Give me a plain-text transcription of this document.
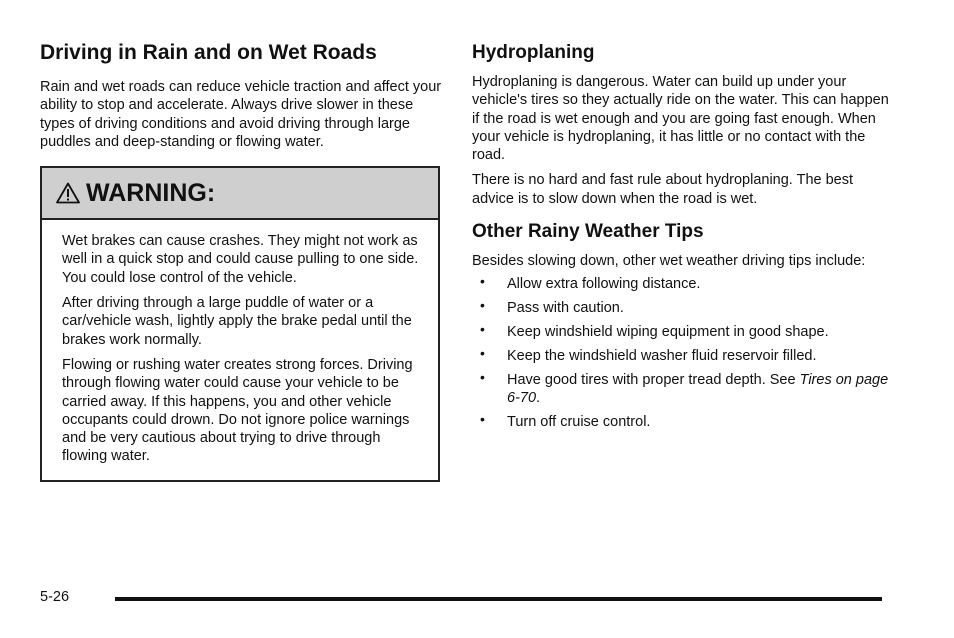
Driving in Rain and on Wet Roads

Rain and wet roads can reduce vehicle traction and affect your ability to stop and accelerate. Always drive slower in these types of driving conditions and avoid driving through large puddles and deep-standing or flowing water.

WARNING:

Wet brakes can cause crashes. They might not work as well in a quick stop and could cause pulling to one side. You could lose control of the vehicle.

After driving through a large puddle of water or a car/vehicle wash, lightly apply the brake pedal until the brakes work normally.

Flowing or rushing water creates strong forces. Driving through flowing water could cause your vehicle to be carried away. If this happens, you and other vehicle occupants could drown. Do not ignore police warnings and be very cautious about trying to drive through flowing water.

Hydroplaning

Hydroplaning is dangerous. Water can build up under your vehicle's tires so they actually ride on the water. This can happen if the road is wet enough and you are going fast enough. When your vehicle is hydroplaning, it has little or no contact with the road.

There is no hard and fast rule about hydroplaning. The best advice is to slow down when the road is wet.

Other Rainy Weather Tips

Besides slowing down, other wet weather driving tips include:

• Allow extra following distance.
• Pass with caution.
• Keep windshield wiping equipment in good shape.
• Keep the windshield washer fluid reservoir filled.
• Have good tires with proper tread depth. See Tires on page 6-70.
• Turn off cruise control.
5-26
